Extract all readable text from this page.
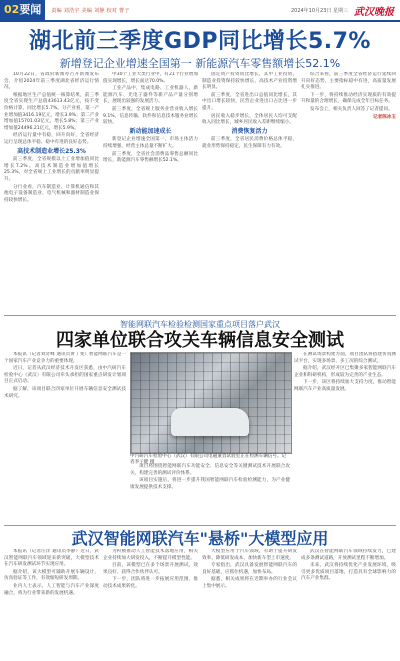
02要闻	责编 刘浩宇 美编 刘静 校对 曹子	2024年10月23日 星期三 武汉晚报
湖北前三季度GDP同比增长5.7%
新增登记企业增速全国第一 新能源汽车零售额增长52.1%

10月22日，省政府新闻办召开新闻发布会，介绍2024年前三季度湖北省经济运行情况。

根据地区生产总值统一核算结果，前三季度全省实现生产总值43613.43亿元，按不变价格计算，同比增长5.7%。分产业看，第一产业增加值3416.19亿元，增长3.9%；第二产业增加值15701.03亿元，增长5.8%；第三产业增加值24496.21亿元，增长5.9%。

经济运行量中有稳，回升向好，全省经济运行呈现总体平稳、稳中有进的良好态势。

高技术制造业增长25.3%

前三季度，全省规模以上工业增加值同比增长7.2%。高技术制造业增加值增长25.3%，对全省规上工业增长的贡献率明显提升。

分行业看，汽车制造业、计算机通信和其他电子设备制造业、电气机械和器材制造业保持较快增长。

中30个工业大类行业中，有21个行业增加值实现增长，增长面达70.0%。

工业产品中，集成电路、工业机器人、新能源汽车、光电子器件等新产品产量分别增长，展现出较强的发展活力。

前三季度，全省规上服务业营业收入增长9.1%，信息传输、软件和信息技术服务业增长较快。

新动能加速成长

新登记企业增速全国第一，市场主体活力持续增强，经营主体总量不断扩大。

前三季度，全省社会消费品零售总额同比增长，新能源汽车零售额增长52.1%。

固定资产投资同比增长，其中工业投资、制造业投资保持较快增长，高技术产业投资增长明显。

前三季度，全省进出口总值同比增长，其中出口增长较快，民营企业进出口占比进一步提升。

居民收入稳步增长，全体居民人均可支配收入同比增长，城乡居民收入差距继续缩小。

消费恢复活力

前三季度，全省居民消费价格总体平稳，就业形势保持稳定，民生保障有力有效。

综合来看，前三季度全省经济运行延续回升向好态势，主要指标稳中有进，高质量发展扎实推进。

下一步，将持续推动经济实现质的有效提升和量的合理增长，确保完成全年目标任务。

发布会上，相关负责人回答了记者提问。

记者陈冰玉
智能网联汽车检验检测国家重点项目落户武汉
四家单位联合攻关车辆信息安全测试

本报讯（记者刘奇峰 通讯员黄丁斐）智能网联汽车是一个国家汽车产业竞争力的重要体现。

近日，记者从武汉经济技术开发区获悉，由中汽研汽车检验中心（武汉）有限公司牵头承担的国家重点研发计划项目正式启动。

据了解，该项目联合四家单位开展车辆信息安全测试技术研究。

项目将围绕智能网联汽车功能安全、信息安全等关键测试技术开展联合攻关，构建完善的测试评价体系。

该项目实施后，将进一步提升我国智能网联汽车检验检测能力，为产业健康发展提供技术支撑。

在测试场景构建方面，项目团队将搭建仿真测试平台，实现多场景、多工况的综合测试。

据介绍，武汉经开区已集聚多家智能网联汽车企业和科研机构，形成较为完善的产业生态。

下一步，该区将持续加大支持力度，推动智能网联汽车产业高质量发展。

中汽研汽车检验中心（武汉）有限公司电磁兼容试验室正在检测车辆信号。记者李子健 摄
武汉智能网联汽车"悬桥"大模型应用

本报讯（记者汪洋 通讯员李静）近日，武汉智能网联汽车领域迎来新突破，大模型技术在汽车研发测试环节实现应用。

据介绍，该大模型可辅助开展车辆设计、仿真验证等工作，有效缩短研发周期。

业内人士表示，人工智能与汽车产业深度融合，将为行业带来新的发展机遇。

为积极推动人工智能技术落地应用，相关企业持续加大研发投入，不断提升模型性能。

目前，该模型已在多个场景开展测试，效果良好，获得合作伙伴认可。

下一步，团队将进一步拓展应用范围，推动技术成果转化。

大模型应用于汽车领域，有助于提升研发效率、降低研发成本，加快新车型上市速度。

专家指出，武汉具备发展智能网联汽车的良好基础，应抓住机遇，加快布局。

据悉，相关成果将在近期举办的行业会议上集中展示。

武汉在智能网联汽车领域持续发力，已建成多条测试道路，开放测试里程不断增加。

未来，武汉将持续优化产业发展环境，吸引更多优质项目落地，打造具有全球影响力的汽车产业集群。
